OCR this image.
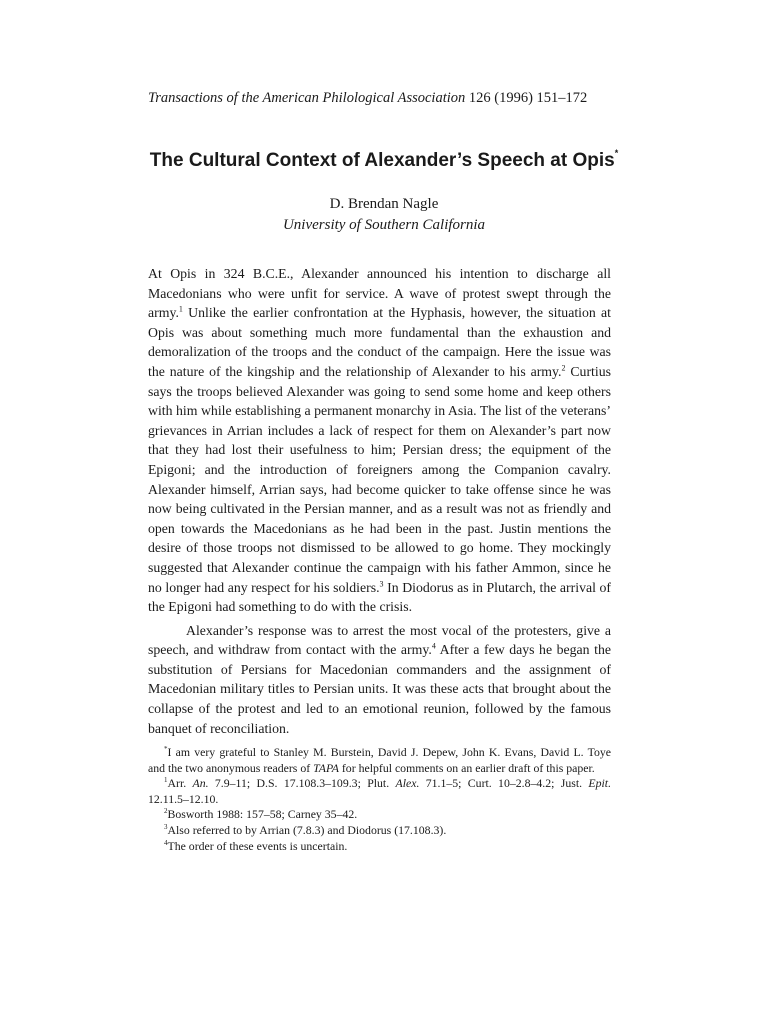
Transactions of the American Philological Association 126 (1996) 151–172
The Cultural Context of Alexander’s Speech at Opis*
D. Brendan Nagle
University of Southern California

At Opis in 324 B.C.E., Alexander announced his intention to discharge all Macedonians who were unfit for service. A wave of protest swept through the army.$^1$ Unlike the earlier confrontation at the Hyphasis, however, the situation at Opis was about something much more fundamental than the exhaustion and demoralization of the troops and the conduct of the campaign. Here the issue was the nature of the kingship and the relationship of Alexander to his army.$^2$ Curtius says the troops believed Alexander was going to send some home and keep others with him while establishing a permanent monarchy in Asia. The list of the veterans’ grievances in Arrian includes a lack of respect for them on Alexander’s part now that they had lost their usefulness to him; Persian dress; the equipment of the Epigoni; and the introduction of foreigners among the Companion cavalry. Alexander himself, Arrian says, had become quicker to take offense since he was now being cultivated in the Persian manner, and as a result was not as friendly and open towards the Macedonians as he had been in the past. Justin mentions the desire of those troops not dismissed to be allowed to go home. They mockingly suggested that Alexander continue the campaign with his father Ammon, since he no longer had any respect for his soldiers.$^3$ In Diodorus as in Plutarch, the arrival of the Epigoni had something to do with the crisis.

Alexander’s response was to arrest the most vocal of the protesters, give a speech, and withdraw from contact with the army.$^4$ After a few days he began the substitution of Persians for Macedonian commanders and the assignment of Macedonian military titles to Persian units. It was these acts that brought about the collapse of the protest and led to an emotional reunion, followed by the famous banquet of reconciliation.

*I am very grateful to Stanley M. Burstein, David J. Depew, John K. Evans, David L. Toye and the two anonymous readers of TAPA for helpful comments on an earlier draft of this paper.

$^1$Arr. An. 7.9–11; D.S. 17.108.3–109.3; Plut. Alex. 71.1–5; Curt. 10–2.8–4.2; Just. Epit. 12.11.5–12.10.

$^2$Bosworth 1988: 157–58; Carney 35–42.

$^3$Also referred to by Arrian (7.8.3) and Diodorus (17.108.3).

$^4$The order of these events is uncertain.
